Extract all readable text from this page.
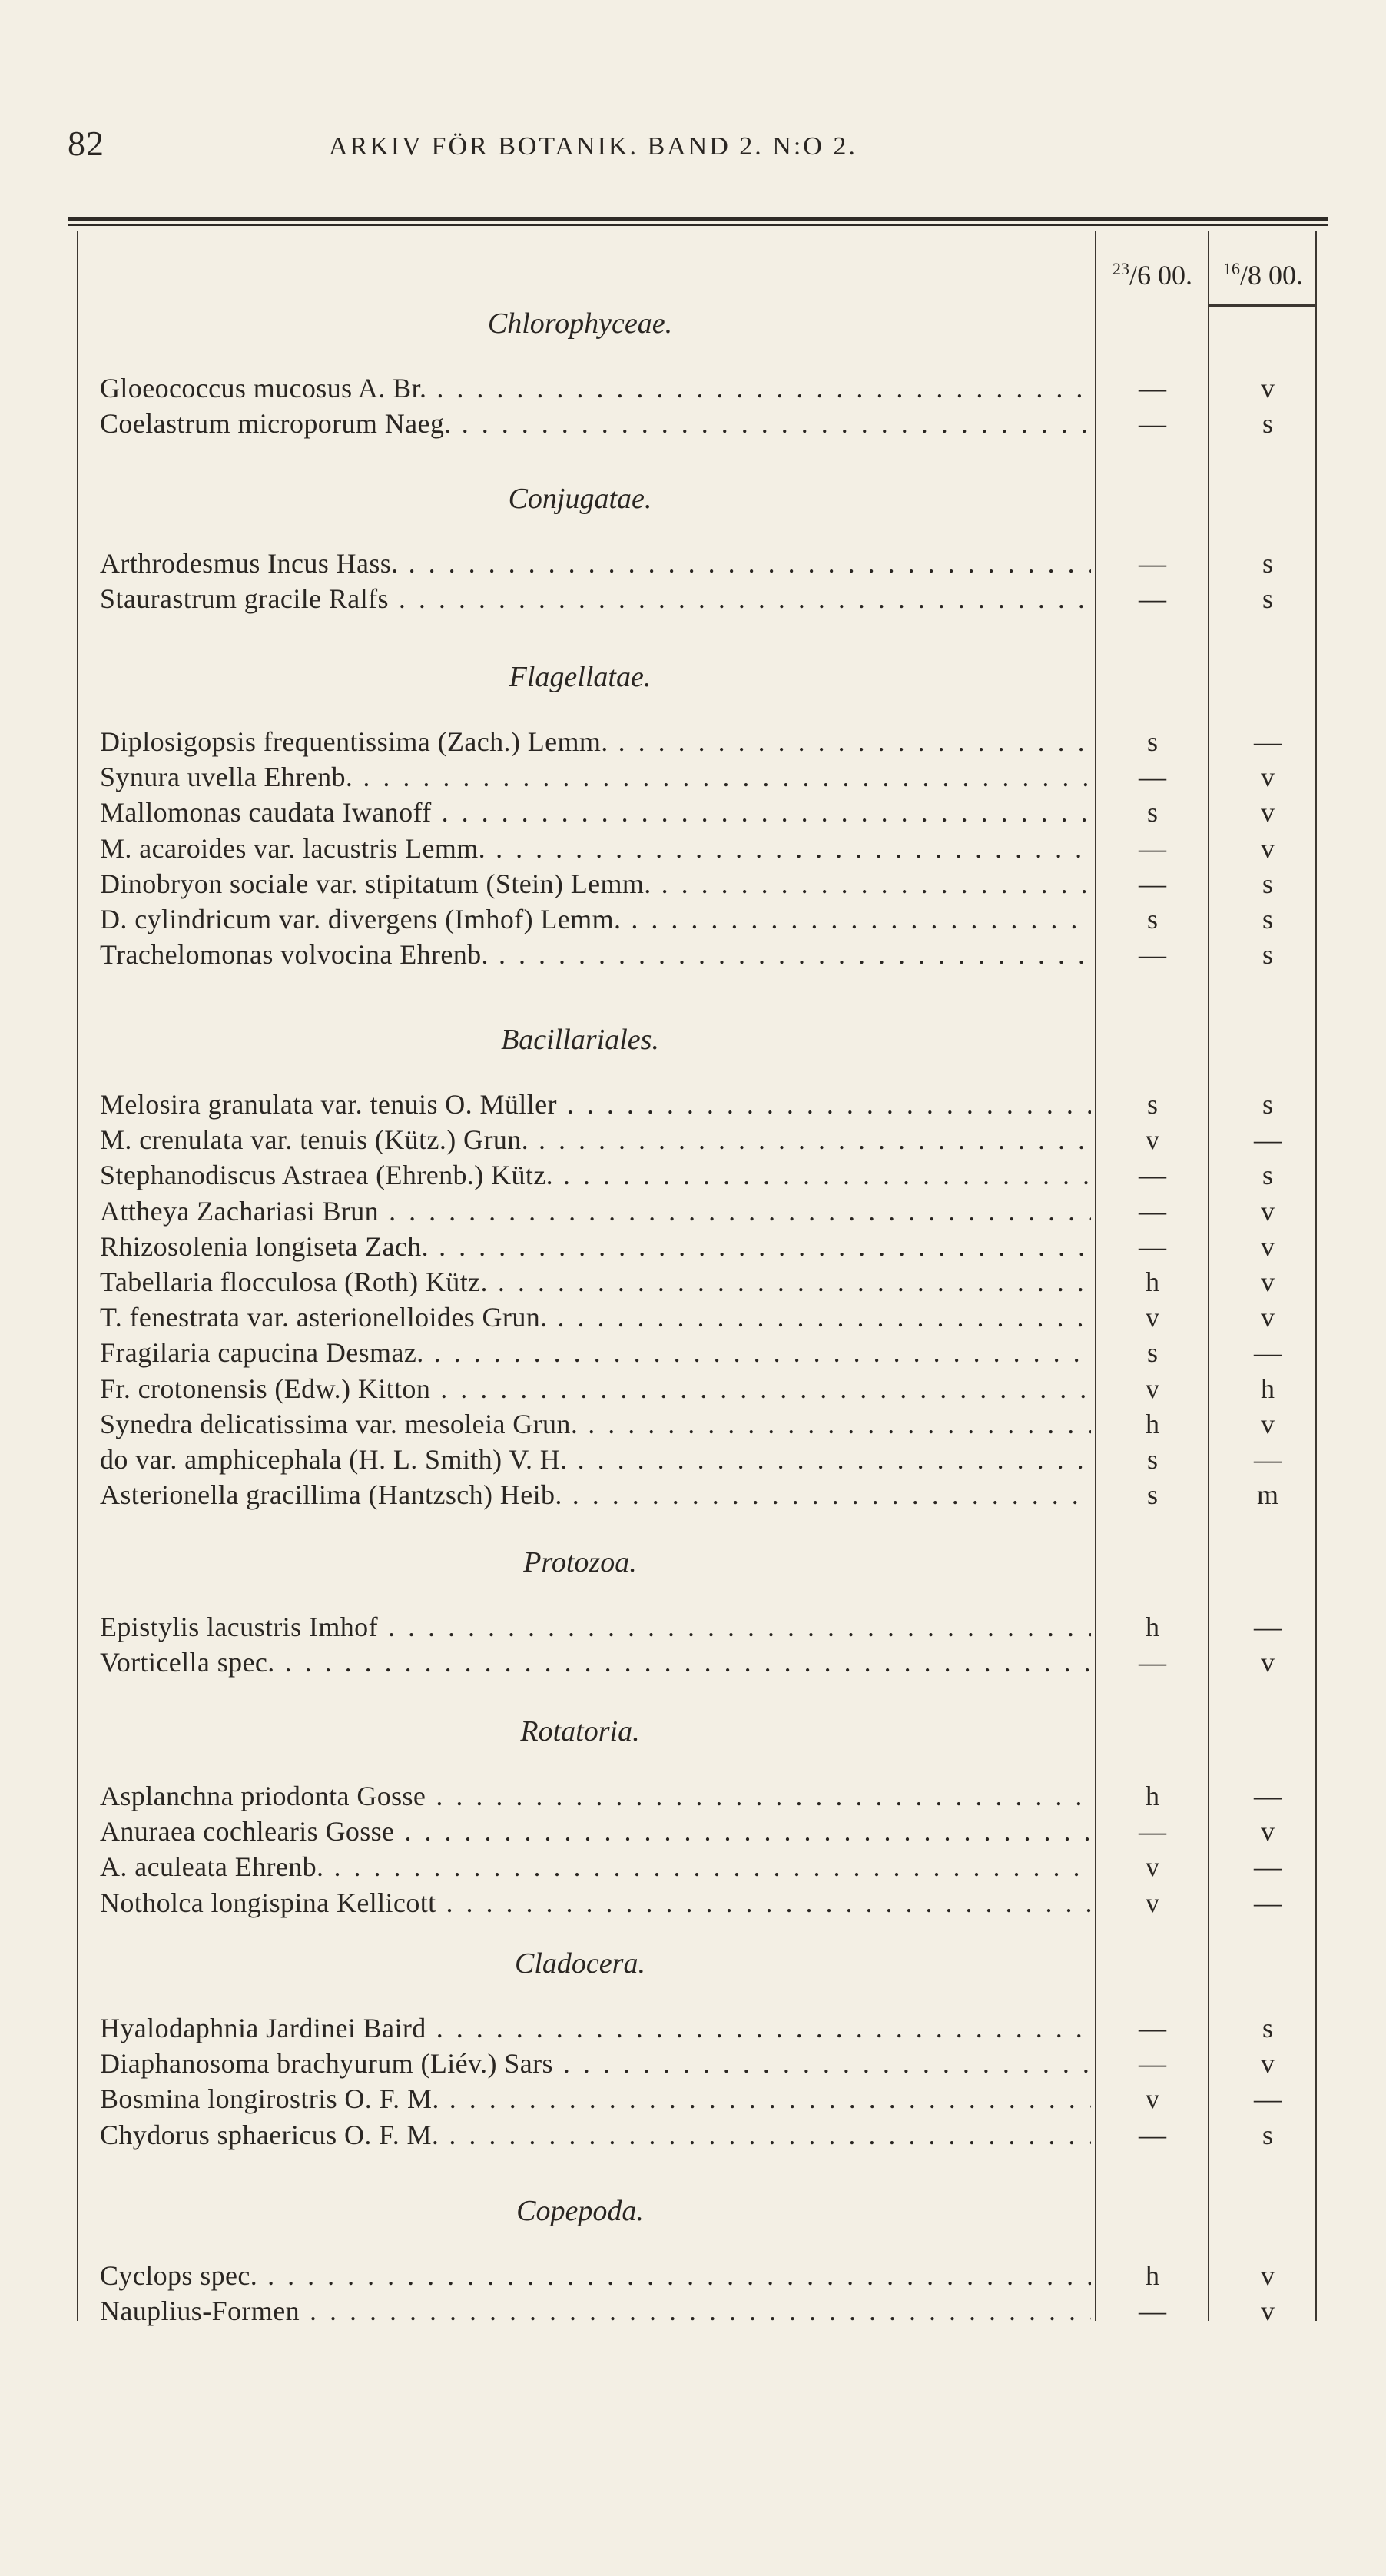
82	ARKIV FÖR BOTANIK. BAND 2. N:O 2.
$^{23}$/6 00.	$^{16}$/8 00.
Chlorophyceae.
Gloeococcus mucosus A. Br. . . .	—	v
Coelastrum microporum Naeg. . . .	—	s
Conjugatae.
Arthrodesmus Incus Hass. . . .	—	s
Staurastrum gracile Ralfs . . .	—	s
Flagellatae.
Diplosigopsis frequentissima (Zach.) Lemm. . . .	s	—
Synura uvella Ehrenb. . . .	—	v
Mallomonas caudata Iwanoff . . .	s	v
M. acaroides var. lacustris Lemm. . . .	—	v
Dinobryon sociale var. stipitatum (Stein) Lemm. . . .	—	s
D. cylindricum var. divergens (Imhof) Lemm. . . .	s	s
Trachelomonas volvocina Ehrenb. . . .	—	s
Bacillariales.
Melosira granulata var. tenuis O. Müller . . .	s	s
M. crenulata var. tenuis (Kütz.) Grun. . . .	v	—
Stephanodiscus Astraea (Ehrenb.) Kütz. . . .	—	s
Attheya Zachariasi Brun . . .	—	v
Rhizosolenia longiseta Zach. . . .	—	v
Tabellaria flocculosa (Roth) Kütz. . . .	h	v
T. fenestrata var. asterionelloides Grun. . . .	v	v
Fragilaria capucina Desmaz. . . .	s	—
Fr. crotonensis (Edw.) Kitton . . .	v	h
Synedra delicatissima var. mesoleia Grun. . . .	h	v
do var. amphicephala (H. L. Smith) V. H. . . .	s	—
Asterionella gracillima (Hantzsch) Heib. . . .	s	m
Protozoa.
Epistylis lacustris Imhof . . .	h	—
Vorticella spec. . . .	—	v
Rotatoria.
Asplanchna priodonta Gosse . . .	h	—
Anuraea cochlearis Gosse . . .	—	v
A. aculeata Ehrenb. . . .	v	—
Notholca longispina Kellicott . . .	v	—
Cladocera.
Hyalodaphnia Jardinei Baird . . .	—	s
Diaphanosoma brachyurum (Liév.) Sars . . .	—	v
Bosmina longirostris O. F. M. . . .	v	—
Chydorus sphaericus O. F. M. . . .	—	s
Copepoda.
Cyclops spec. . . .	h	v
Nauplius-Formen . . .	—	v
